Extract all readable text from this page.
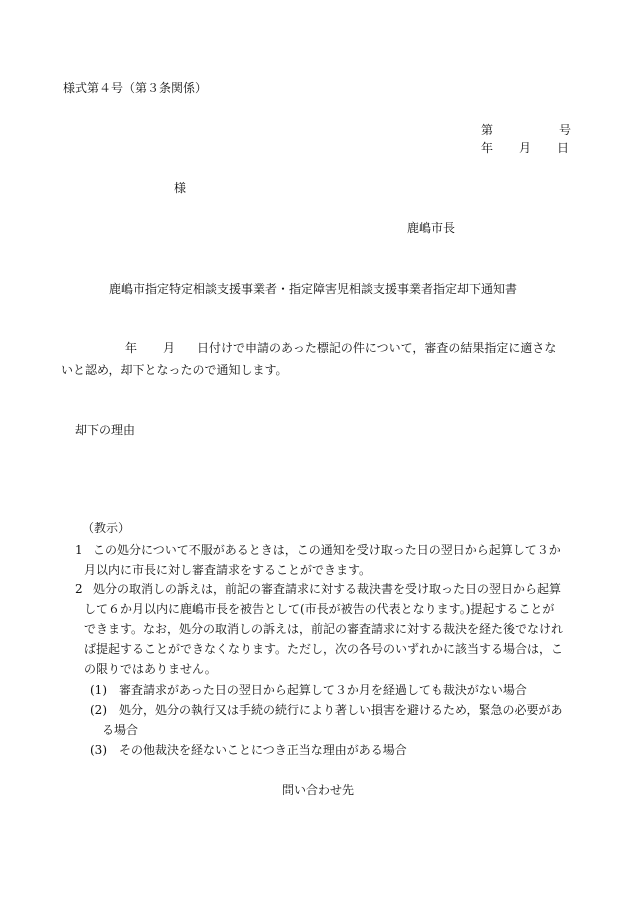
様式第４号（第３条関係）
第	号
年 月 日
様
鹿嶋市長
鹿嶋市指定特定相談支援事業者・指定障害児相談支援事業者指定却下通知書
年 月 日付けで申請のあった標記の件について，審査の結果指定に適さな
いと認め，却下となったので通知します。
却下の理由
（教示）
1 この処分について不服があるときは，この通知を受け取った日の翌日から起算して３か
月以内に市長に対し審査請求をすることができます。
2 処分の取消しの訴えは，前記の審査請求に対する裁決書を受け取った日の翌日から起算
して６か月以内に鹿嶋市長を被告として(市長が被告の代表となります。)提起することが
できます。なお，処分の取消しの訴えは，前記の審査請求に対する裁決を経た後でなけれ
ば提起することができなくなります。ただし，次の各号のいずれかに該当する場合は，こ
の限りではありません。
(1) 審査請求があった日の翌日から起算して３か月を経過しても裁決がない場合
(2) 処分，処分の執行又は手続の続行により著しい損害を避けるため，緊急の必要があ
る場合
(3) その他裁決を経ないことにつき正当な理由がある場合
問い合わせ先
